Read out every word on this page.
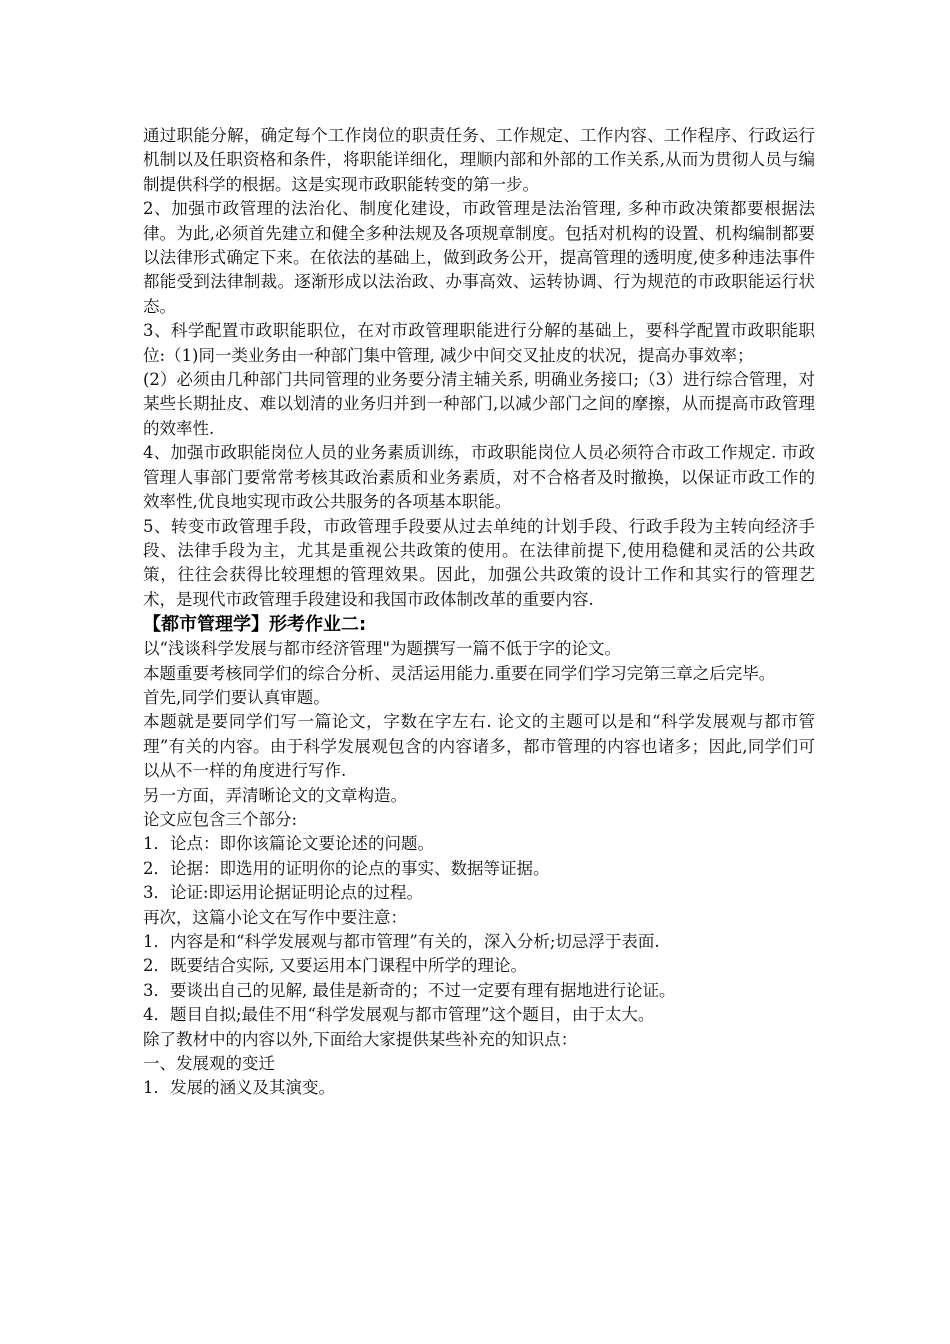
通过职能分解，确定每个工作岗位的职责任务、工作规定、工作内容、工作程序、行政运行机制以及任职资格和条件，将职能详细化，理顺内部和外部的工作关系,从而为贯彻人员与编制提供科学的根据。这是实现市政职能转变的第一步。

2、加强市政管理的法治化、制度化建设，市政管理是法治管理, 多种市政决策都要根据法律。为此,必须首先建立和健全多种法规及各项规章制度。包括对机构的设置、机构编制都要以法律形式确定下来。在依法的基础上，做到政务公开，提高管理的透明度,使多种违法事件都能受到法律制裁。逐渐形成以法治政、办事高效、运转协调、行为规范的市政职能运行状态。

3、科学配置市政职能职位，在对市政管理职能进行分解的基础上，要科学配置市政职能职位:（1)同一类业务由一种部门集中管理, 减少中间交叉扯皮的状况，提高办事效率；

(2）必须由几种部门共同管理的业务要分清主辅关系, 明确业务接口;（3）进行综合管理，对某些长期扯皮、难以划清的业务归并到一种部门,以减少部门之间的摩擦，从而提高市政管理的效率性.

4、加强市政职能岗位人员的业务素质训练，市政职能岗位人员必须符合市政工作规定. 市政管理人事部门要常常考核其政治素质和业务素质，对不合格者及时撤换，以保证市政工作的效率性,优良地实现市政公共服务的各项基本职能。

5、转变市政管理手段，市政管理手段要从过去单纯的计划手段、行政手段为主转向经济手段、法律手段为主，尤其是重视公共政策的使用。在法律前提下,使用稳健和灵活的公共政策，往往会获得比较理想的管理效果。因此，加强公共政策的设计工作和其实行的管理艺术，是现代市政管理手段建设和我国市政体制改革的重要内容.

【都市管理学】形考作业二:

以“浅谈科学发展与都市经济管理"为题撰写一篇不低于字的论文。

本题重要考核同学们的综合分析、灵活运用能力.重要在同学们学习完第三章之后完毕。

首先,同学们要认真审题。

本题就是要同学们写一篇论文，字数在字左右. 论文的主题可以是和“科学发展观与都市管理”有关的内容。由于科学发展观包含的内容诸多，都市管理的内容也诸多；因此,同学们可以从不一样的角度进行写作.

另一方面，弄清晰论文的文章构造。

论文应包含三个部分:

1．论点：即你该篇论文要论述的问题。

2．论据：即选用的证明你的论点的事实、数据等证据。

3．论证:即运用论据证明论点的过程。

再次，这篇小论文在写作中要注意：

1．内容是和“科学发展观与都市管理”有关的，深入分析;切忌浮于表面.

2．既要结合实际, 又要运用本门课程中所学的理论。

3．要谈出自己的见解, 最佳是新奇的；不过一定要有理有据地进行论证。

4．题目自拟;最佳不用“科学发展观与都市管理”这个题目，由于太大。

除了教材中的内容以外,下面给大家提供某些补充的知识点：

一、发展观的变迁

1．发展的涵义及其演变。
